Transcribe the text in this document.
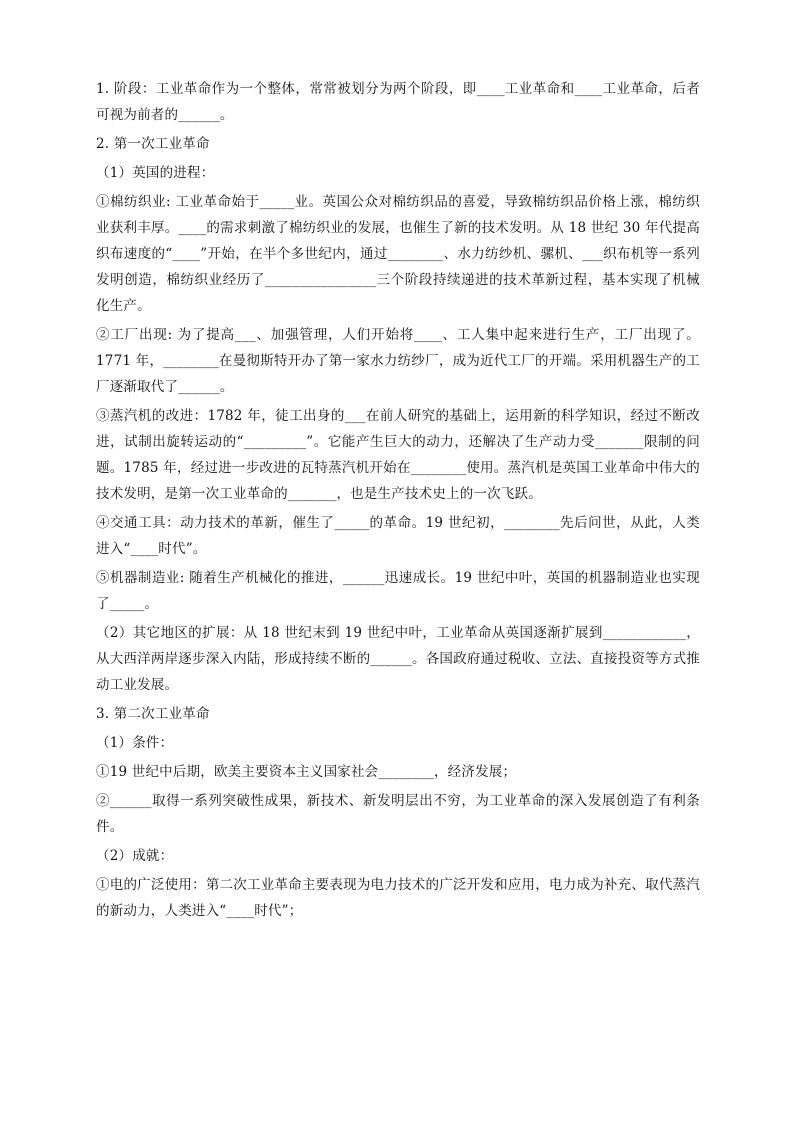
1. 阶段：工业革命作为一个整体，常常被划分为两个阶段，即____工业革命和____工业革命，后者可视为前者的______。

2. 第一次工业革命

（1）英国的进程：

①棉纺织业: 工业革命始于_____业。英国公众对棉纺织品的喜爱，导致棉纺织品价格上涨，棉纺织业获利丰厚。____的需求刺激了棉纺织业的发展，也催生了新的技术发明。从 18 世纪 30 年代提高织布速度的“____”开始，在半个多世纪内，通过________、水力纺纱机、骡机、___织布机等一系列发明创造，棉纺织业经历了________________三个阶段持续递进的技术革新过程，基本实现了机械化生产。

②工厂出现: 为了提高___、加强管理，人们开始将____、工人集中起来进行生产，工厂出现了。1771 年，________在曼彻斯特开办了第一家水力纺纱厂，成为近代工厂的开端。采用机器生产的工厂逐渐取代了______。

③蒸汽机的改进：1782 年，徒工出身的___在前人研究的基础上，运用新的科学知识，经过不断改进，试制出旋转运动的“_________”。它能产生巨大的动力，还解决了生产动力受_______限制的问题。1785 年，经过进一步改进的瓦特蒸汽机开始在________使用。蒸汽机是英国工业革命中伟大的技术发明，是第一次工业革命的_______，也是生产技术史上的一次飞跃。

④交通工具：动力技术的革新，催生了_____的革命。19 世纪初，________先后问世，从此，人类进入“____时代”。

⑤机器制造业: 随着生产机械化的推进，______迅速成长。19 世纪中叶，英国的机器制造业也实现了_____。

（2）其它地区的扩展：从 18 世纪末到 19 世纪中叶，工业革命从英国逐渐扩展到____________，从大西洋两岸逐步深入内陆，形成持续不断的______。各国政府通过税收、立法、直接投资等方式推动工业发展。

3. 第二次工业革命

（1）条件：

①19 世纪中后期，欧美主要资本主义国家社会________，经济发展；

②______取得一系列突破性成果，新技术、新发明层出不穷，为工业革命的深入发展创造了有利条件。

（2）成就：

①电的广泛使用：第二次工业革命主要表现为电力技术的广泛开发和应用，电力成为补充、取代蒸汽的新动力，人类进入“____时代”；
